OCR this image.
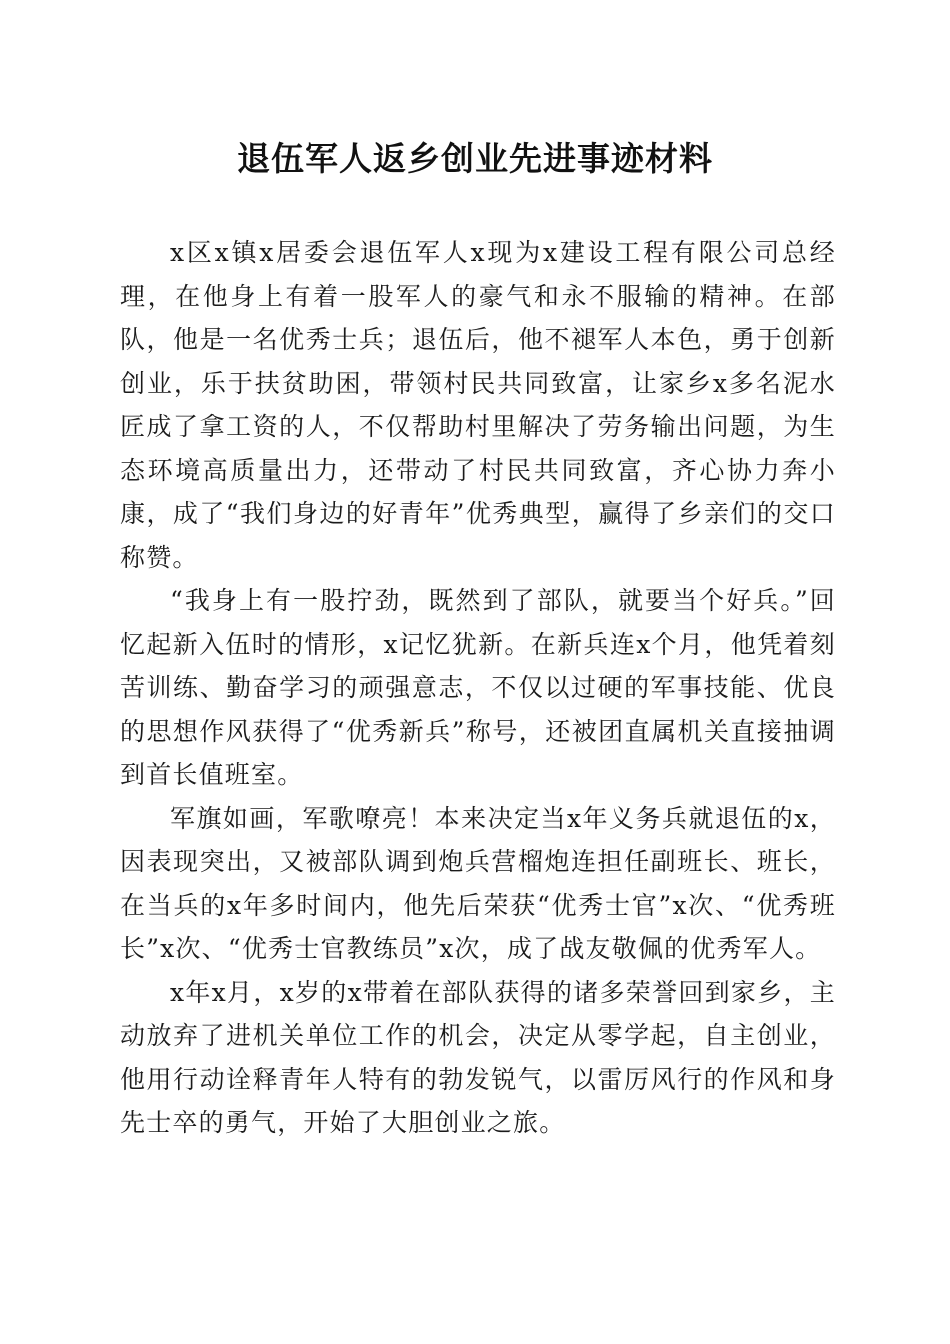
退伍军人返乡创业先进事迹材料

x区x镇x居委会退伍军人x现为x建设工程有限公司总经理，在他身上有着一股军人的豪气和永不服输的精神。在部队，他是一名优秀士兵；退伍后，他不褪军人本色，勇于创新创业，乐于扶贫助困，带领村民共同致富，让家乡x多名泥水匠成了拿工资的人，不仅帮助村里解决了劳务输出问题，为生态环境高质量出力，还带动了村民共同致富，齐心协力奔小康，成了“我们身边的好青年”优秀典型，赢得了乡亲们的交口称赞。

“我身上有一股拧劲，既然到了部队，就要当个好兵。”回忆起新入伍时的情形，x记忆犹新。在新兵连x个月，他凭着刻苦训练、勤奋学习的顽强意志，不仅以过硬的军事技能、优良的思想作风获得了“优秀新兵”称号，还被团直属机关直接抽调到首长值班室。

军旗如画，军歌嘹亮！本来决定当x年义务兵就退伍的x，因表现突出，又被部队调到炮兵营榴炮连担任副班长、班长，在当兵的x年多时间内，他先后荣获“优秀士官”x次、“优秀班长”x次、“优秀士官教练员”x次，成了战友敬佩的优秀军人。

x年x月，x岁的x带着在部队获得的诸多荣誉回到家乡，主动放弃了进机关单位工作的机会，决定从零学起，自主创业，他用行动诠释青年人特有的勃发锐气，以雷厉风行的作风和身先士卒的勇气，开始了大胆创业之旅。
